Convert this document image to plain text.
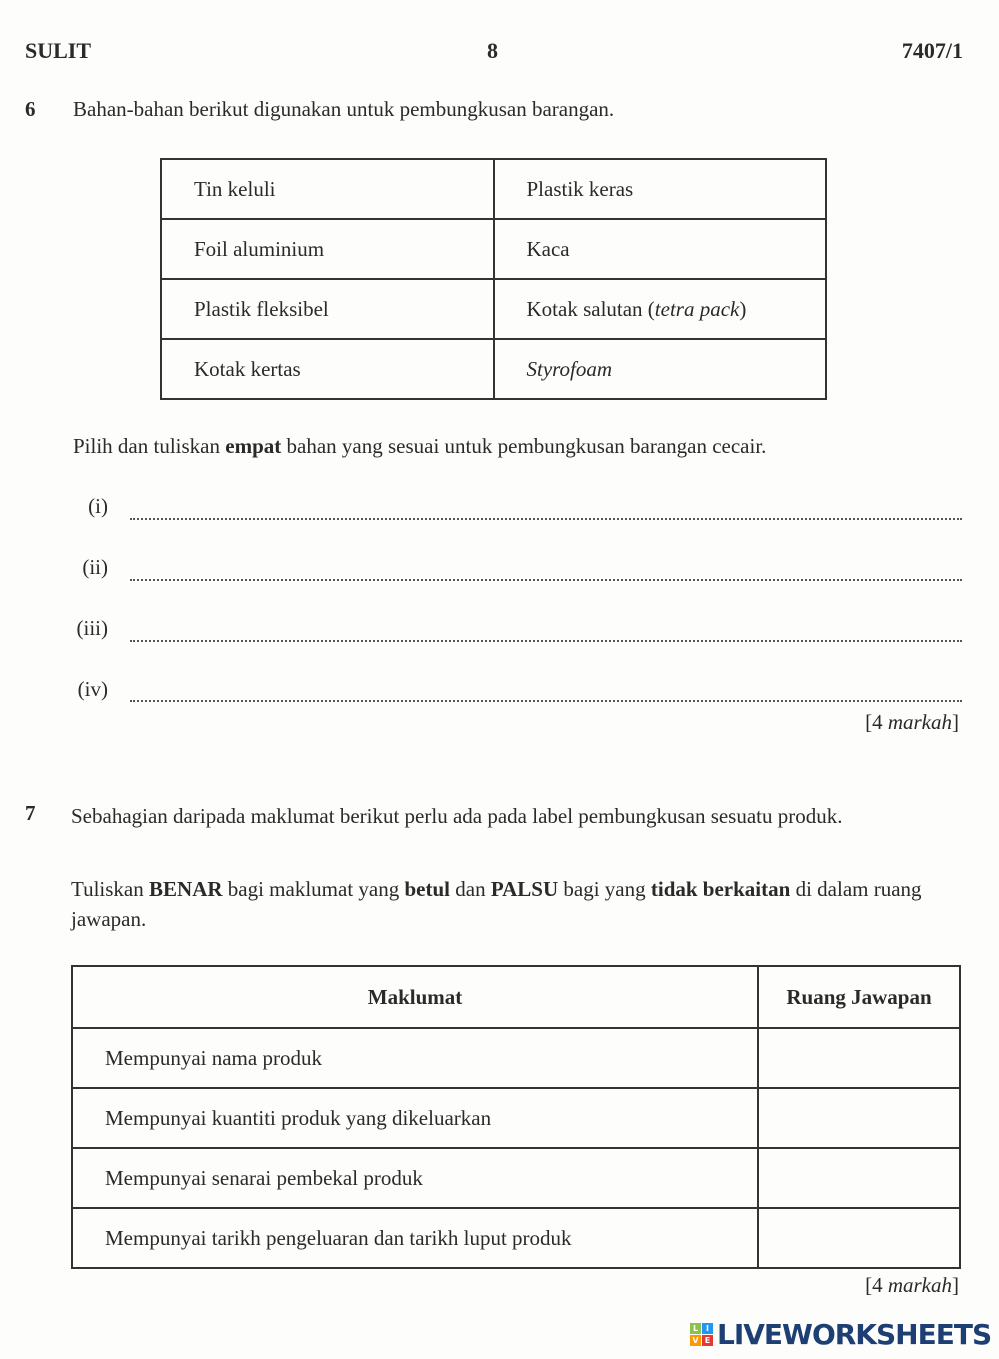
SULIT	8	7407/1
6 Bahan-bahan berikut digunakan untuk pembungkusan barangan.
Tin keluli	Plastik keras
Foil aluminium	Kaca
Plastik fleksibel	Kotak salutan (tetra pack)
Kotak kertas	Styrofoam
Pilih dan tuliskan empat bahan yang sesuai untuk pembungkusan barangan cecair.
(i)
(ii)
(iii)
(iv)
[4 markah]
7 Sebahagian daripada maklumat berikut perlu ada pada label pembungkusan sesuatu produk.
Tuliskan BENAR bagi maklumat yang betul dan PALSU bagi yang tidak berkaitan di dalam ruang jawapan.
Maklumat	Ruang Jawapan
Mempunyai nama produk	
Mempunyai kuantiti produk yang dikeluarkan	
Mempunyai senarai pembekal produk	
Mempunyai tarikh pengeluaran dan tarikh luput produk	
[4 markah]
L I
V E LIVEWORKSHEETS
